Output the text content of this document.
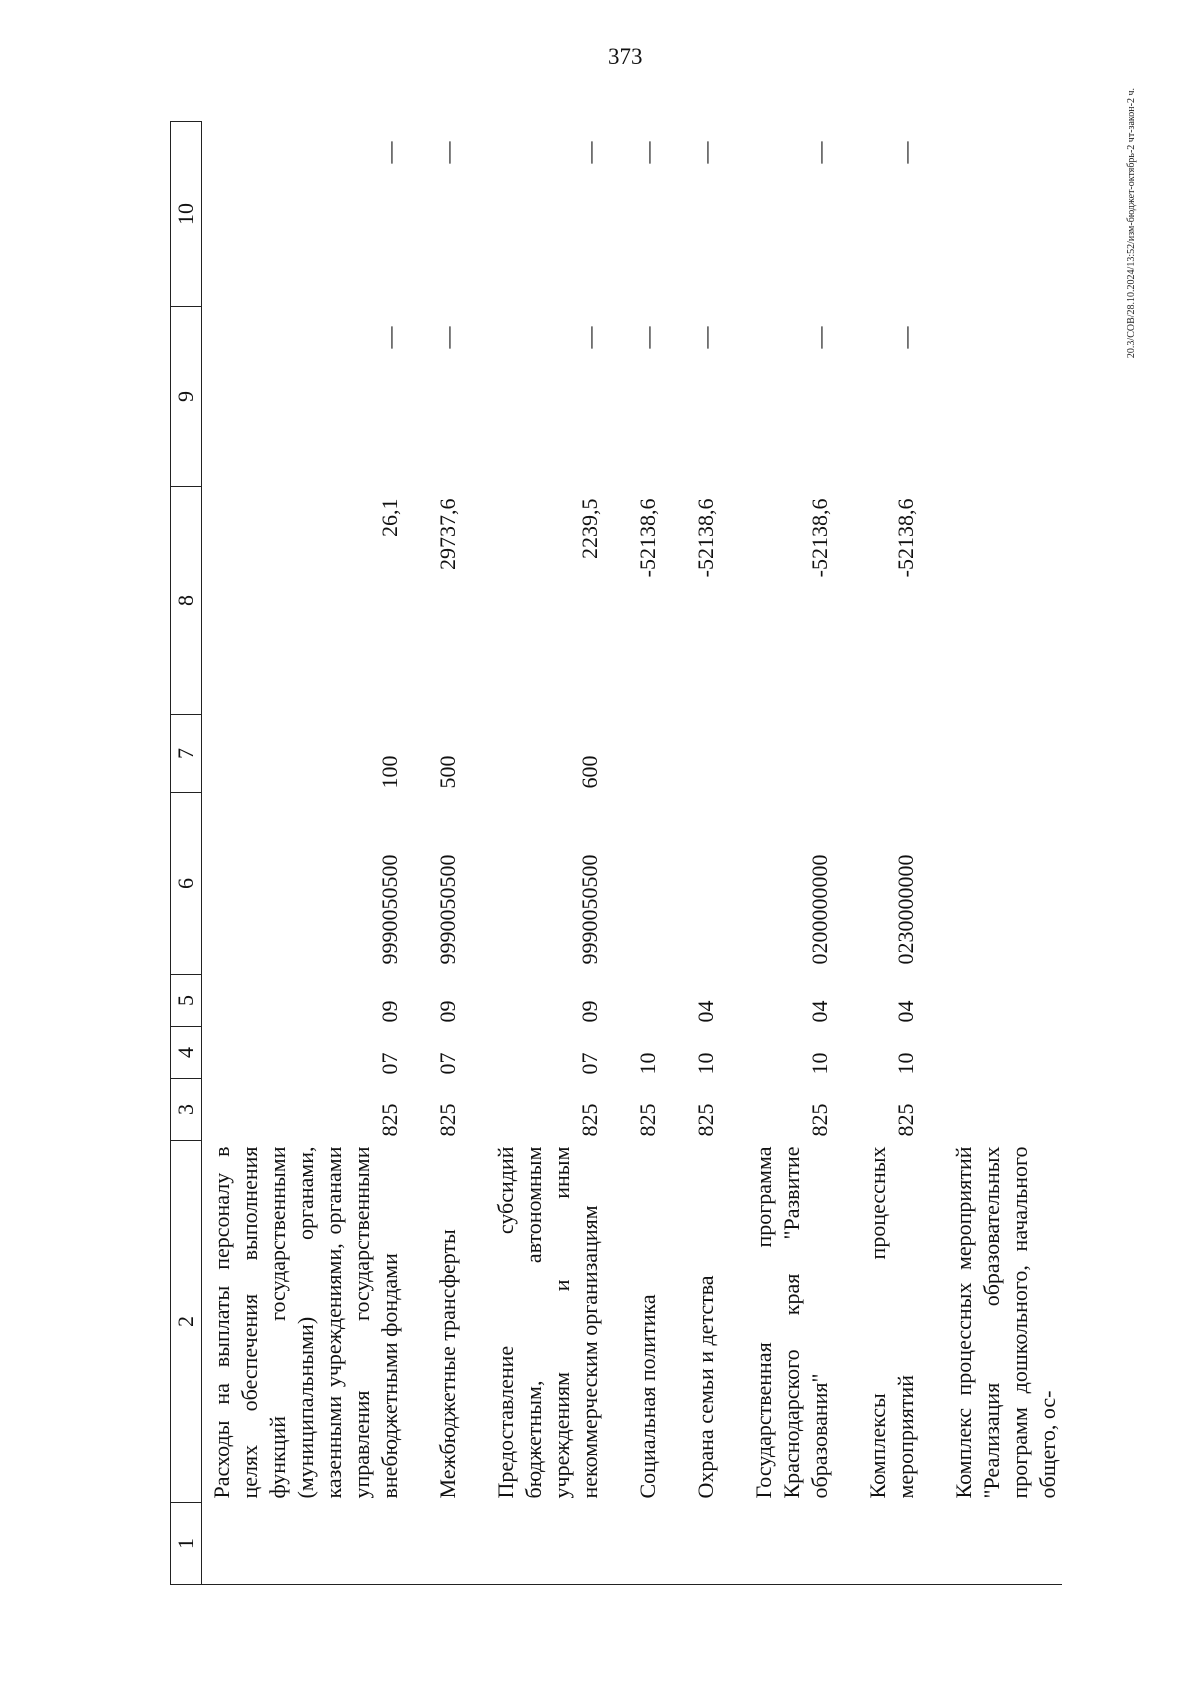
373
20.3/СОВ/28.10.2024/13:52/изм-бюджет-октябрь-2 чт-закон-2 ч.
1	2	3	4	5	6	7	8	9	10
	Расходы на выплаты персоналу в целях обеспечения выполнения функций государственными (муниципальными) органами, казенными учреждениями, органами управления государственными внебюджетными фондами	825	07	09	9990050500	100	26,1	—	—
	Межбюджетные трансферты	825	07	09	9990050500	500	29737,6	—	—
	Предоставление субсидий бюджетным, автономным учреждениям и иным некоммерческим организациям	825	07	09	9990050500	600	2239,5	—	—
	Социальная политика	825	10				-52138,6	—	—
	Охрана семьи и детства	825	10	04			-52138,6	—	—
	Государственная программа Краснодарского края "Развитие образования"	825	10	04	0200000000		-52138,6	—	—
	Комплексы процессных мероприятий	825	10	04	0230000000		-52138,6	—	—
	Комплекс процессных мероприятий "Реализация образовательных программ дошкольного, начального общего, ос-								
